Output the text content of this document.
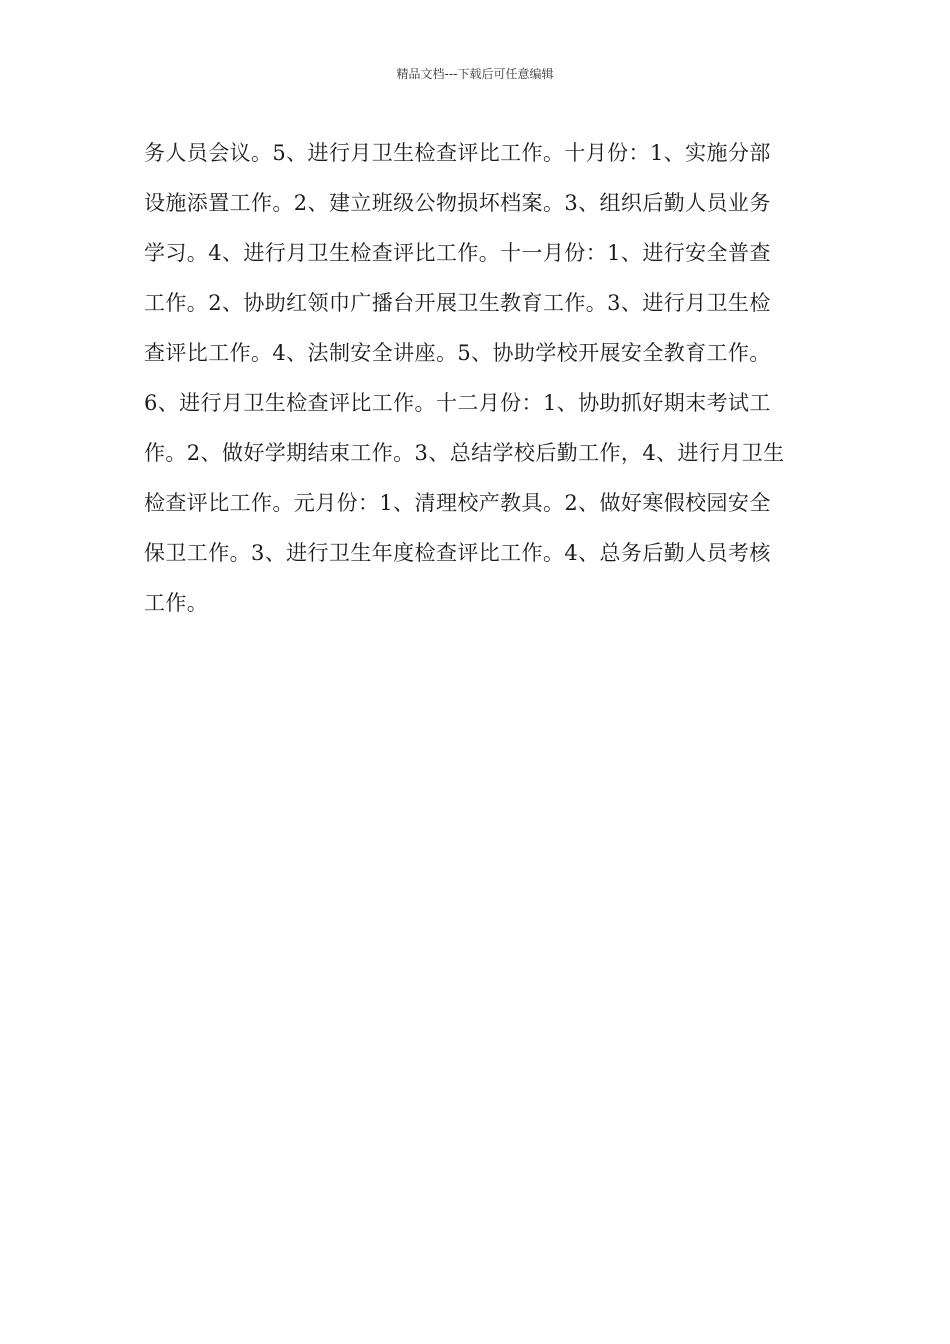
精品文档---下载后可任意编辑
务人员会议。5、进行月卫生检查评比工作。十月份：1、实施分部
设施添置工作。2、建立班级公物损坏档案。3、组织后勤人员业务
学习。4、进行月卫生检查评比工作。十一月份：1、进行安全普查
工作。2、协助红领巾广播台开展卫生教育工作。3、进行月卫生检
查评比工作。4、法制安全讲座。5、协助学校开展安全教育工作。
6、进行月卫生检查评比工作。十二月份：1、协助抓好期末考试工
作。2、做好学期结束工作。3、总结学校后勤工作，4、进行月卫生
检查评比工作。元月份：1、清理校产教具。2、做好寒假校园安全
保卫工作。3、进行卫生年度检查评比工作。4、总务后勤人员考核
工作。
